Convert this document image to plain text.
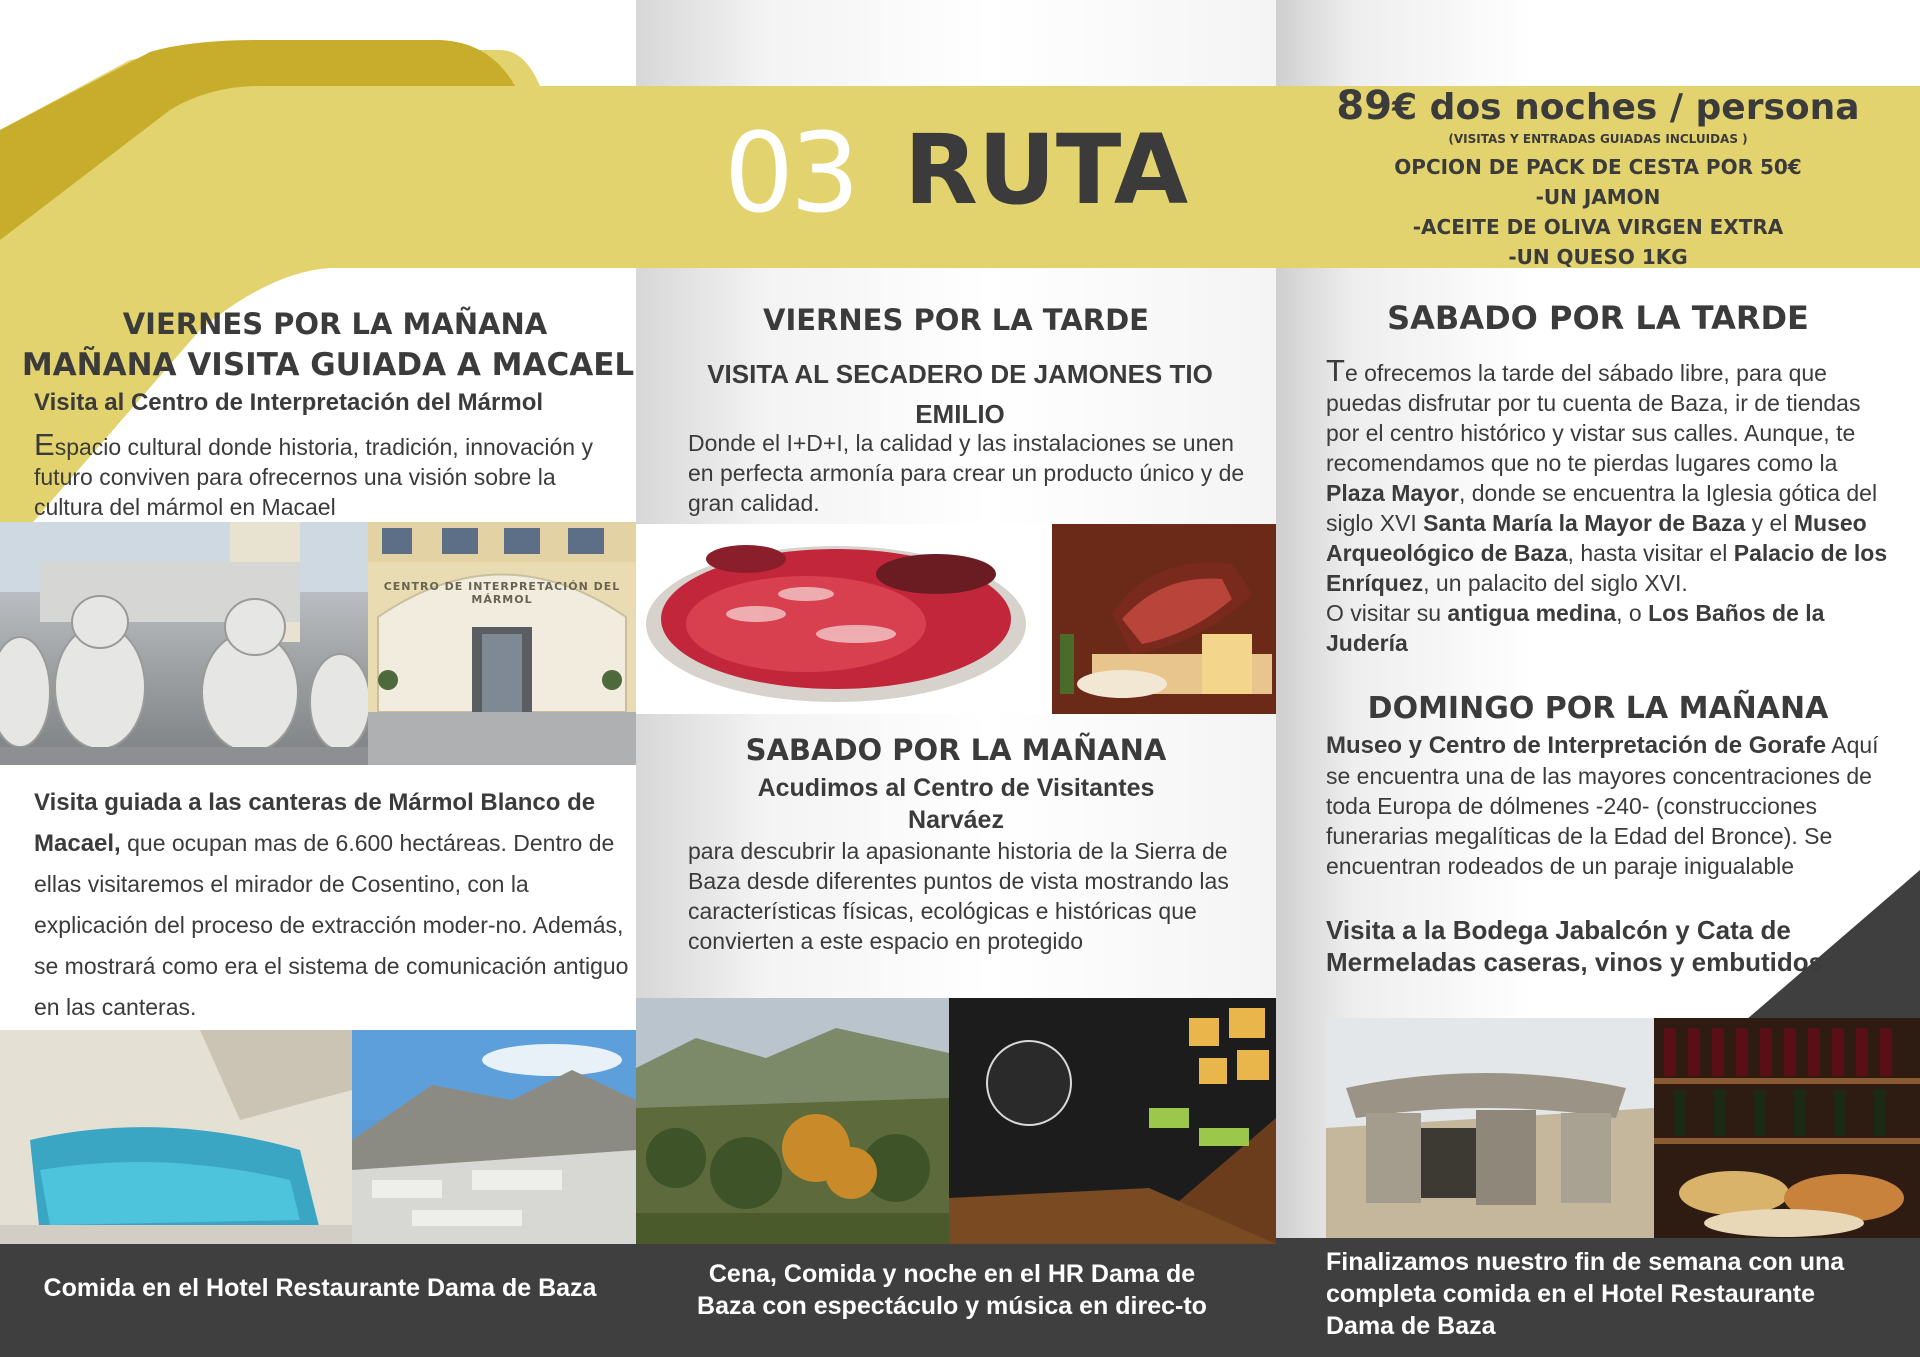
VIERNES POR LA MAÑANA
MAÑANA VISITA GUIADA A MACAEL
Visita al Centro de Interpretación del Mármol
Espacio cultural donde historia, tradición, innovación y futuro conviven para ofrecernos una visión sobre la cultura del mármol en Macael
CENTRO DE INTERPRETACIÓN DEL MÁRMOL
Visita guiada a las canteras de Mármol Blanco de Macael, que ocupan mas de 6.600 hectáreas. Dentro de ellas visitaremos el mirador de Cosentino, con la explicación del proceso de extracción moder-no. Además, se mostrará como era el sistema de comunicación antiguo en las canteras.
Comida en el Hotel Restaurante Dama de Baza
03 RUTA
VIERNES POR LA TARDE
VISITA AL SECADERO DE JAMONES TIO EMILIO
Donde el I+D+I, la calidad y las instalaciones se unen en perfecta armonía para crear un producto único y de gran calidad.
SABADO POR LA MAÑANA
Acudimos al Centro de Visitantes Narváez
para descubrir la apasionante historia de la Sierra de Baza desde diferentes puntos de vista mostrando las características físicas, ecológicas e históricas que convierten a este espacio en protegido
Cena, Comida y noche en el HR Dama de Baza con espectáculo y música en direc-to
89€ dos noches / persona
(VISITAS Y ENTRADAS GUIADAS INCLUIDAS )
OPCION DE PACK DE CESTA POR 50€
-UN JAMON
-ACEITE DE OLIVA VIRGEN EXTRA
-UN QUESO 1KG
SABADO POR LA TARDE
Te ofrecemos la tarde del sábado libre, para que puedas disfrutar por tu cuenta de Baza, ir de tiendas por el centro histórico y vistar sus calles. Aunque, te recomendamos que no te pierdas lugares como la Plaza Mayor, donde se encuentra la Iglesia gótica del siglo XVI Santa María la Mayor de Baza y el Museo Arqueológico de Baza, hasta visitar el Palacio de los Enríquez, un palacito del siglo XVI.
O visitar su antigua medina, o Los Baños de la Judería
DOMINGO POR LA MAÑANA
Museo y Centro de Interpretación de Gorafe Aquí se encuentra una de las mayores concentraciones de toda Europa de dólmenes -240- (construcciones funerarias megalíticas de la Edad del Bronce). Se encuentran rodeados de un paraje inigualable
Visita a la Bodega Jabalcón y Cata de Mermeladas caseras, vinos y embutidos
Finalizamos nuestro fin de semana con una completa comida en el Hotel Restaurante Dama de Baza
